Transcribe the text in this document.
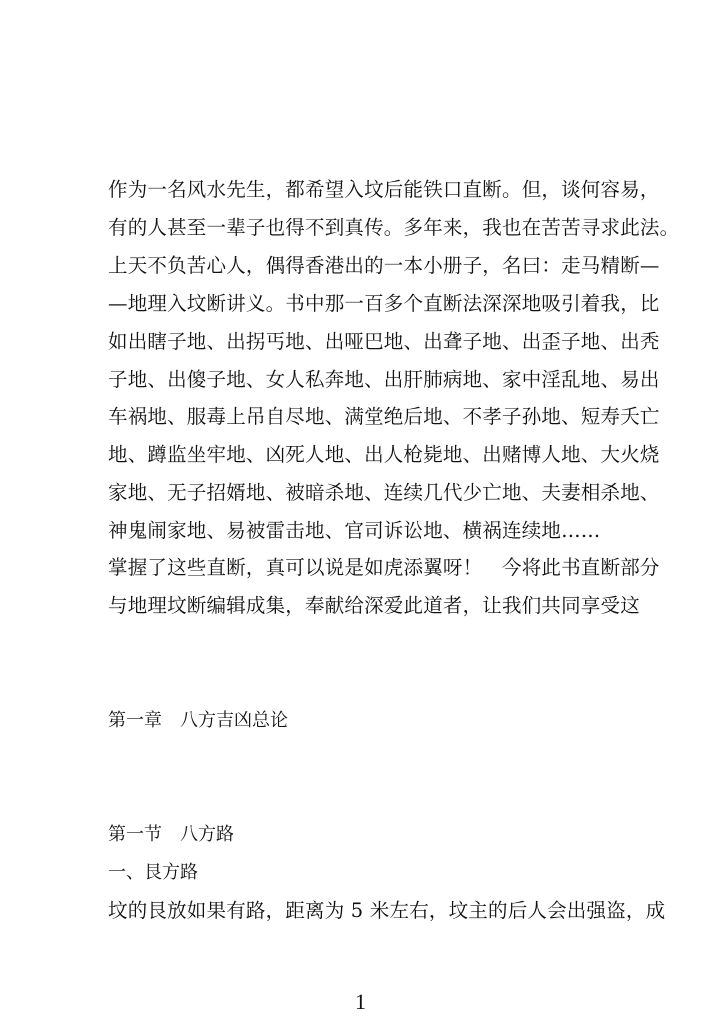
作为一名风水先生，都希望入坟后能铁口直断。但，谈何容易，
有的人甚至一辈子也得不到真传。多年来，我也在苦苦寻求此法。
上天不负苦心人，偶得香港出的一本小册子，名曰：走马精断—
—地理入坟断讲义。书中那一百多个直断法深深地吸引着我，比
如出瞎子地、出拐丐地、出哑巴地、出聋子地、出歪子地、出秃
子地、出傻子地、女人私奔地、出肝肺病地、家中淫乱地、易出
车祸地、服毒上吊自尽地、满堂绝后地、不孝子孙地、短寿夭亡
地、蹲监坐牢地、凶死人地、出人枪毙地、出赌博人地、大火烧
家地、无子招婿地、被暗杀地、连续几代少亡地、夫妻相杀地、
神鬼闹家地、易被雷击地、官司诉讼地、横祸连续地……
掌握了这些直断，真可以说是如虎添翼呀！　今将此书直断部分
与地理坟断编辑成集，奉献给深爱此道者，让我们共同享受这
第一章　八方吉凶总论
第一节　八方路
一、艮方路
坟的艮放如果有路，距离为 5 米左右，坟主的后人会出强盗，成
1
